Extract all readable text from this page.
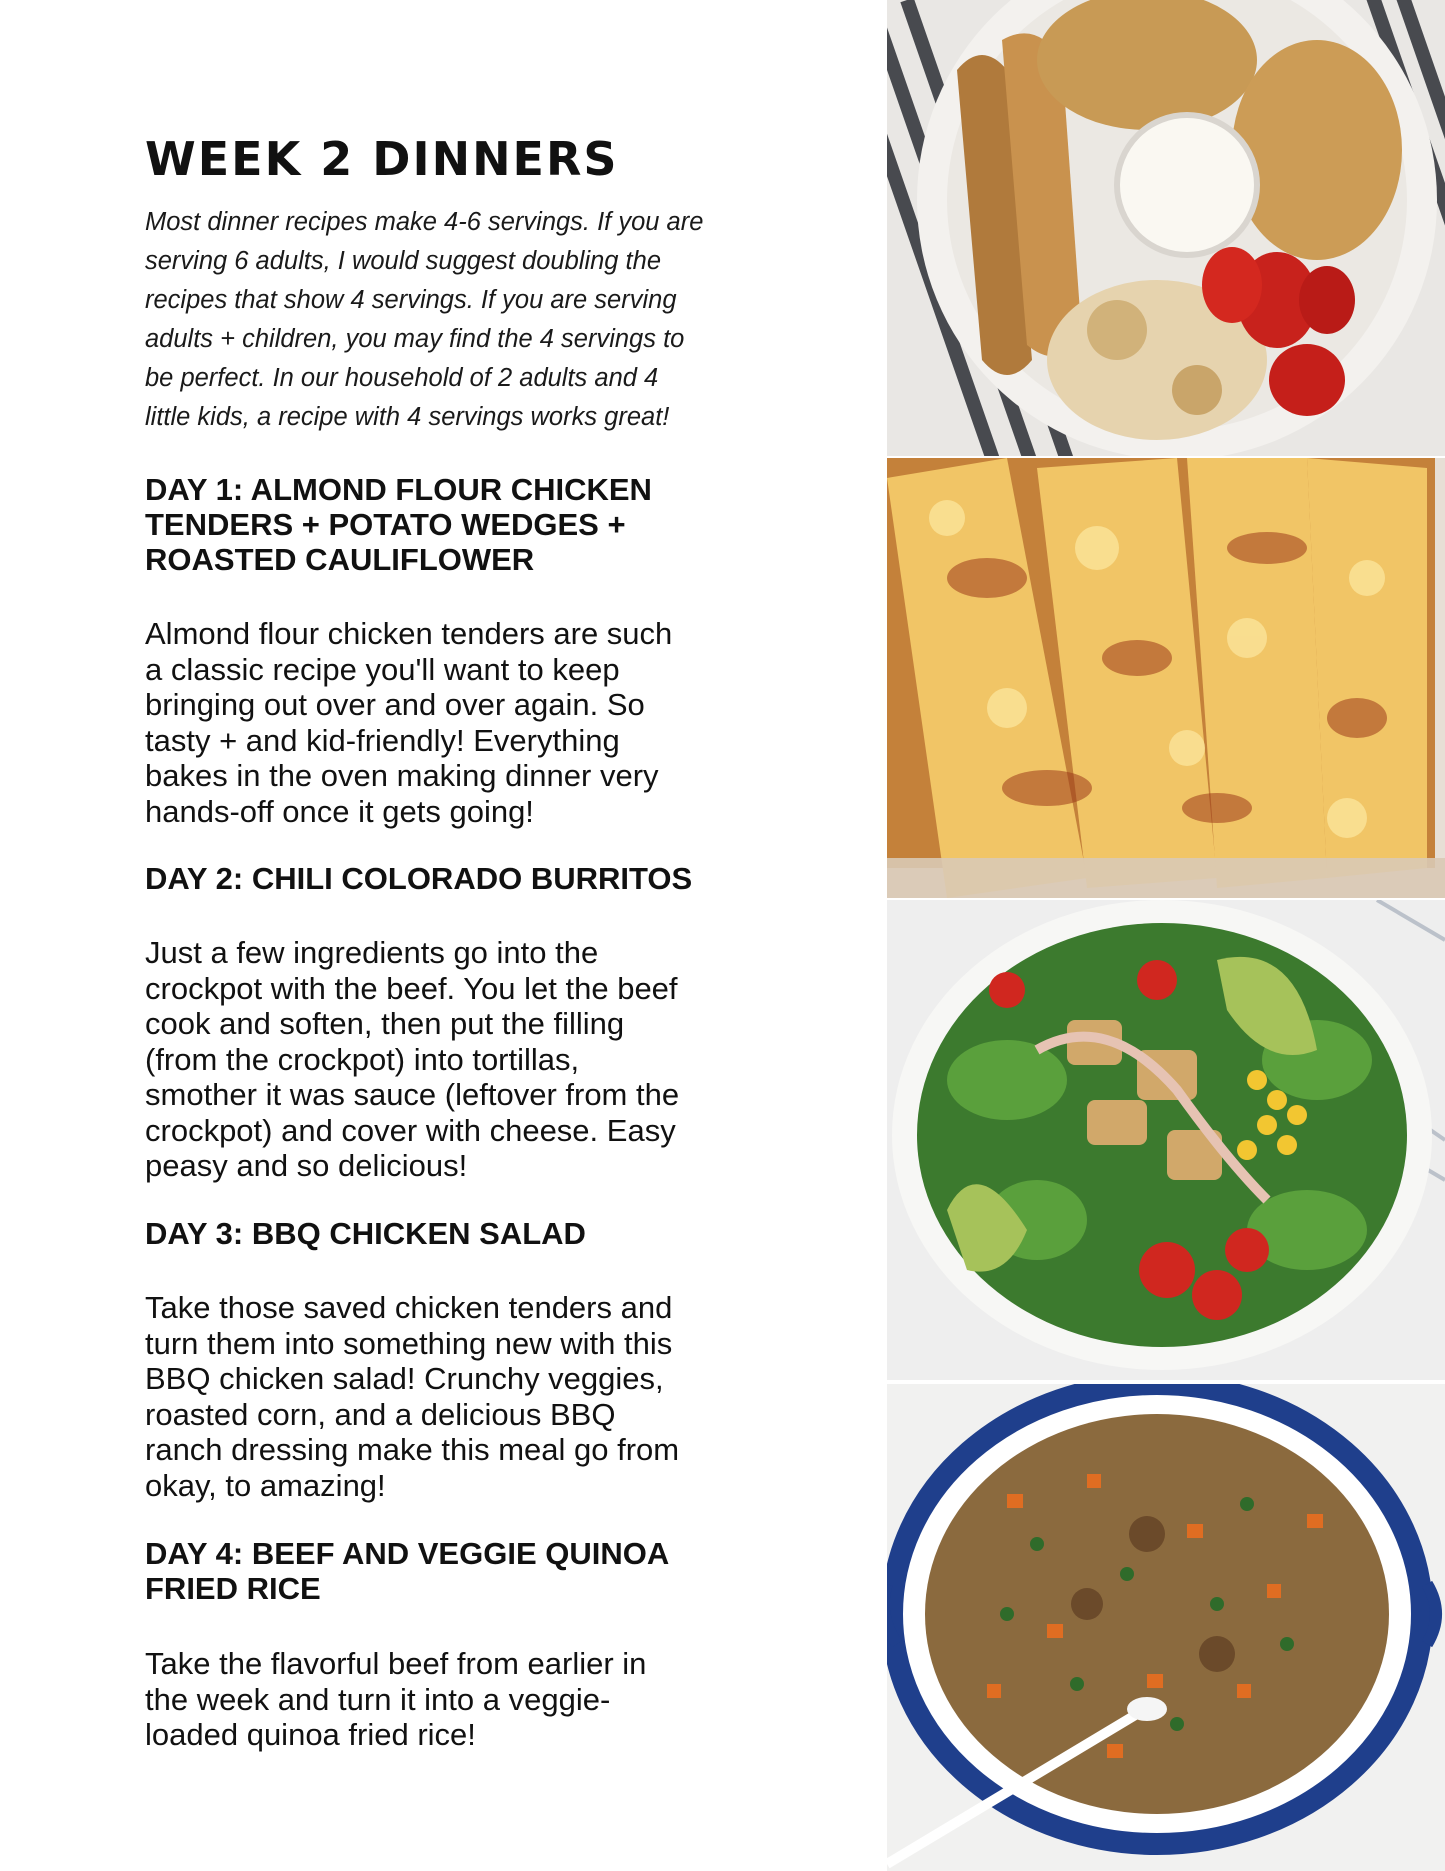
WEEK 2 DINNERS

Most dinner recipes make 4-6 servings. If you are
serving 6 adults, I would suggest doubling the
recipes that show 4 servings. If you are serving
adults + children, you may find the 4 servings to
be perfect. In our household of 2 adults and 4
little kids, a recipe with 4 servings works great!

DAY 1: ALMOND FLOUR CHICKEN
TENDERS + POTATO WEDGES +
ROASTED CAULIFLOWER

Almond flour chicken tenders are such
a classic recipe you'll want to keep
bringing out over and over again. So
tasty + and kid-friendly! Everything
bakes in the oven making dinner very
hands-off once it gets going!

DAY 2: CHILI COLORADO BURRITOS

Just a few ingredients go into the
crockpot with the beef. You let the beef
cook and soften, then put the filling
(from the crockpot) into tortillas,
smother it was sauce (leftover from the
crockpot) and cover with cheese. Easy
peasy and so delicious!

DAY 3: BBQ CHICKEN SALAD

Take those saved chicken tenders and
turn them into something new with this
BBQ chicken salad! Crunchy veggies,
roasted corn, and a delicious BBQ
ranch dressing make this meal go from
okay, to amazing!

DAY 4: BEEF AND VEGGIE QUINOA
FRIED RICE

Take the flavorful beef from earlier in
the week and turn it into a veggie-
loaded quinoa fried rice!
